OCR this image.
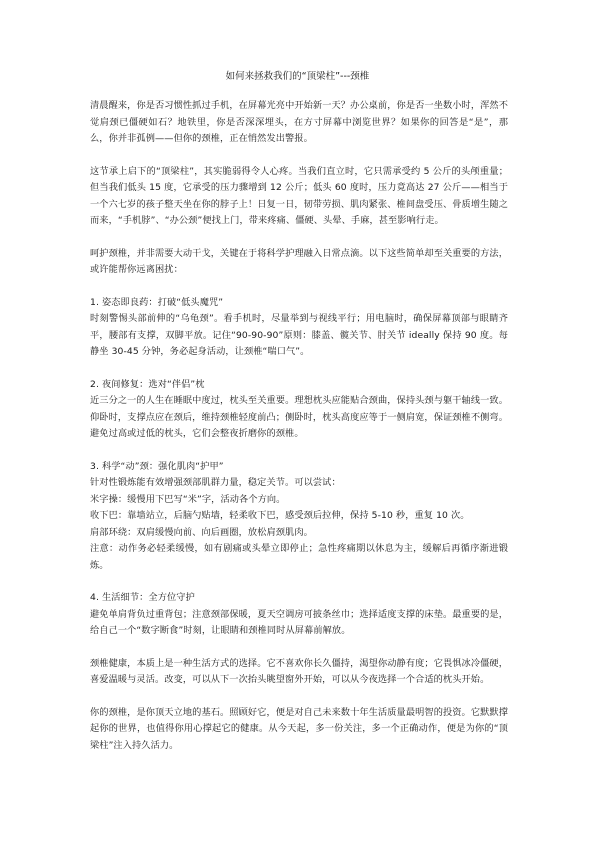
如何来拯救我们的“顶梁柱”---颈椎
清晨醒来，你是否习惯性抓过手机，在屏幕光亮中开始新一天？办公桌前，你是否一坐数小时，浑然不觉肩颈已僵硬如石？地铁里，你是否深深埋头，在方寸屏幕中浏览世界？如果你的回答是“是”，那么，你并非孤例——但你的颈椎，正在悄然发出警报。
这节承上启下的“顶梁柱”，其实脆弱得令人心疼。当我们直立时，它只需承受约 5 公斤的头颅重量；但当我们低头 15 度，它承受的压力骤增到 12 公斤；低头 60 度时，压力竟高达 27 公斤——相当于一个六七岁的孩子整天坐在你的脖子上！日复一日，韧带劳损、肌肉紧张、椎间盘受压、骨质增生随之而来，“手机脖”、“办公颈”便找上门，带来疼痛、僵硬、头晕、手麻，甚至影响行走。
呵护颈椎，并非需要大动干戈，关键在于将科学护理融入日常点滴。以下这些简单却至关重要的方法，或许能帮你远离困扰：
1. 姿态即良药：打破“低头魔咒”
时刻警惕头部前伸的“乌龟颈”。看手机时，尽量举到与视线平行；用电脑时，确保屏幕顶部与眼睛齐平，腰部有支撑，双脚平放。记住“90-90-90”原则：膝盖、髋关节、肘关节 ideally 保持 90 度。每静坐 30-45 分钟，务必起身活动，让颈椎“喘口气”。
2. 夜间修复：选对“伴侣”枕
近三分之一的人生在睡眠中度过，枕头至关重要。理想枕头应能贴合颈曲，保持头颈与躯干轴线一致。仰卧时，支撑点应在颈后，维持颈椎轻度前凸；侧卧时，枕头高度应等于一侧肩宽，保证颈椎不侧弯。避免过高或过低的枕头，它们会整夜折磨你的颈椎。
3. 科学“动”颈：强化肌肉“护甲”
针对性锻炼能有效增强颈部肌群力量，稳定关节。可以尝试：
米字操：缓慢用下巴写“米”字，活动各个方向。
收下巴：靠墙站立，后脑勺贴墙，轻柔收下巴，感受颈后拉伸，保持 5-10 秒，重复 10 次。
肩部环绕：双肩缓慢向前、向后画圈，放松肩颈肌肉。
注意：动作务必轻柔缓慢，如有剧痛或头晕立即停止；急性疼痛期以休息为主，缓解后再循序渐进锻炼。
4. 生活细节：全方位守护
避免单肩背负过重背包；注意颈部保暖，夏天空调房可披条丝巾；选择适度支撑的床垫。最重要的是，给自己一个“数字断食”时刻，让眼睛和颈椎同时从屏幕前解放。
颈椎健康，本质上是一种生活方式的选择。它不喜欢你长久僵持，渴望你动静有度；它畏惧冰冷僵硬，喜爱温暖与灵活。改变，可以从下一次抬头眺望窗外开始，可以从今夜选择一个合适的枕头开始。
你的颈椎，是你顶天立地的基石。照顾好它，便是对自己未来数十年生活质量最明智的投资。它默默撑起你的世界，也值得你用心撑起它的健康。从今天起，多一份关注，多一个正确动作，便是为你的“顶梁柱”注入持久活力。
